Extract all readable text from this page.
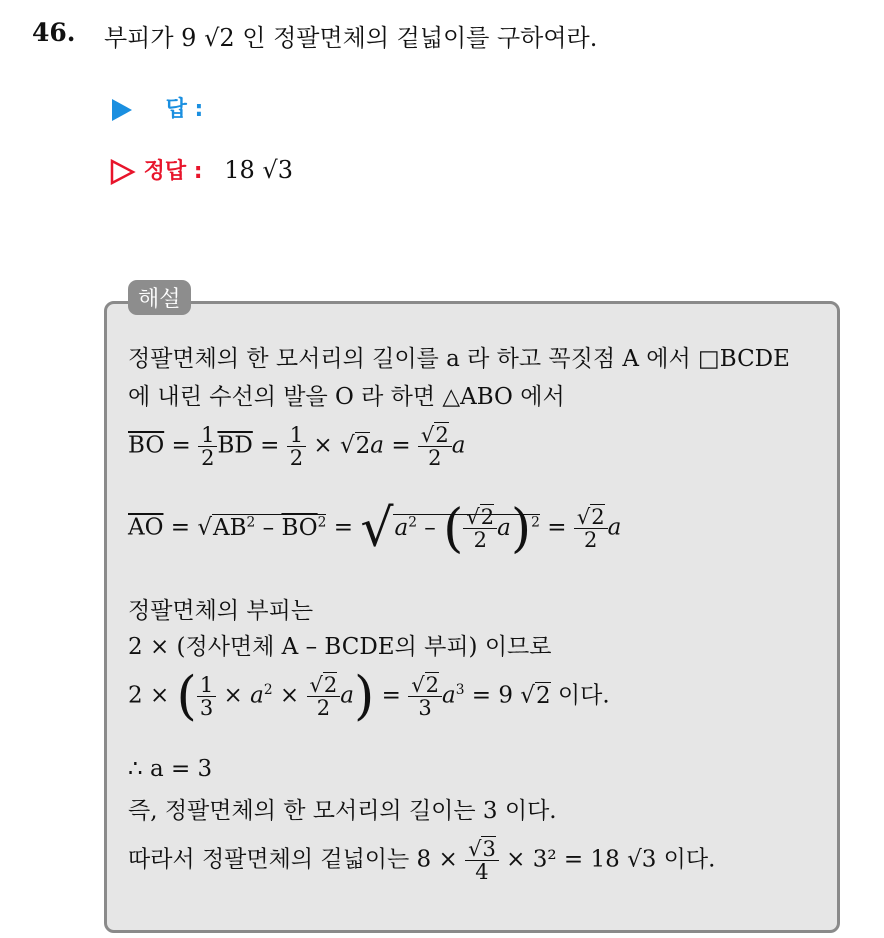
46. 부피가 9 √2 인 정팔면체의 겉넓이를 구하여라.
답 :
정답 : 18 √3
해설
정팔면체의 한 모서리의 길이를 a 라 하고 꼭짓점 A 에서 □BCDE
에 내린 수선의 발을 O 라 하면 △ABO 에서
$\overline{BO} = \frac{1}{2} \overline{BD} = \frac{1}{2} \times √2a = \frac{√2}{2}$ a
$\overline{AO} = √AB^2 - \overline{BO}^2 = √a^2$ – ( $\frac{√2}{2} a)^2 = \frac{√2}{2}$ a
정팔면체의 부피는
2 × (정사면체 A – BCDE의 부피) 이므로
2 × ( $\frac{1}{3} \times a^2 \times \frac{√2}{2} a) = \frac{√2}{3} a^3 = 9$ √2 이다.
∴ a = 3
즉, 정팔면체의 한 모서리의 길이는 3 이다.
따라서 정팔면체의 겉넓이는 $8 \times \frac{√3}{4} \times 3^2 = 18$ √3 이다.
